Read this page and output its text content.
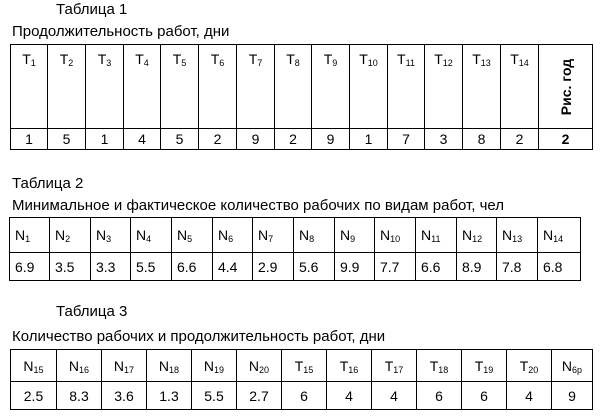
Таблица 1
Продолжительность работ, дни
$T_1$	$T_2$	$T_3$	$T_4$	$T_5$	$T_6$	$T_7$	$T_8$	$T_9$	$T_{10}$	$T_{11}$	$T_{12}$	$T_{13}$	$T_{14}$	Рис. год

1	5	1	4	5	2	9	2	9	1	7	3	8	2	2
Таблица 2
Минимальное и фактическое количество рабочих по видам работ, чел
$N_1$	$N_2$	$N_3$	$N_4$	$N_5$	$N_6$	$N_7$	$N_8$	$N_9$	$N_{10}$	$N_{11}$	$N_{12}$	$N_{13}$	$N_{14}$
6.9	3.5	3.3	5.5	6.6	4.4	2.9	5.6	9.9	7.7	6.6	8.9	7.8	6.8
Таблица 3
Количество рабочих и продолжительность работ, дни
$N_{15}$	$N_{16}$	$N_{17}$	$N_{18}$	$N_{19}$	$N_{20}$	$T_{15}$	$T_{16}$	$T_{17}$	$T_{18}$	$T_{19}$	$T_{20}$	$N_{6р}$
2.5	8.3	3.6	1.3	5.5	2.7	6	4	4	6	6	4	9
